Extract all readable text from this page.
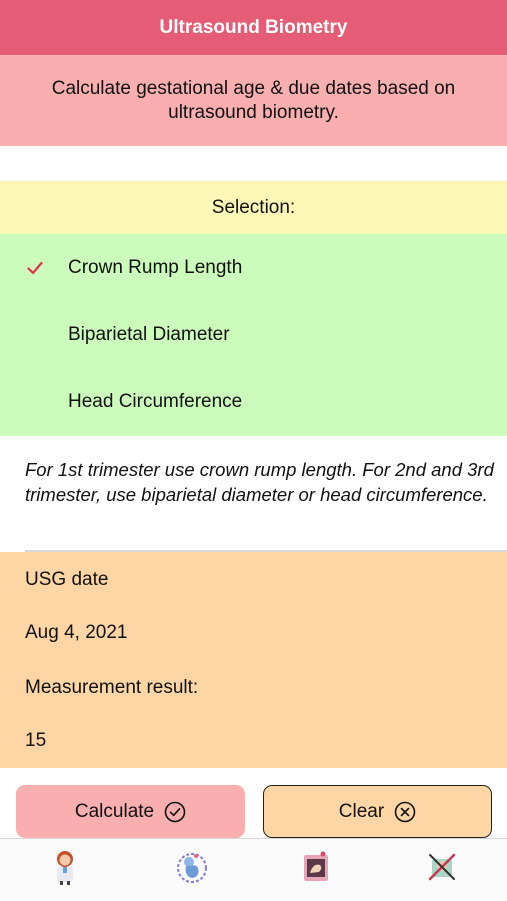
Ultrasound Biometry
Calculate gestational age & due dates based on ultrasound biometry.
Selection:
Crown Rump Length
Biparietal Diameter
Head Circumference
For 1st trimester use crown rump length. For 2nd and 3rd trimester, use biparietal diameter or head circumference.
USG date
Aug 4, 2021
Measurement result:
15
Calculate	Clear
